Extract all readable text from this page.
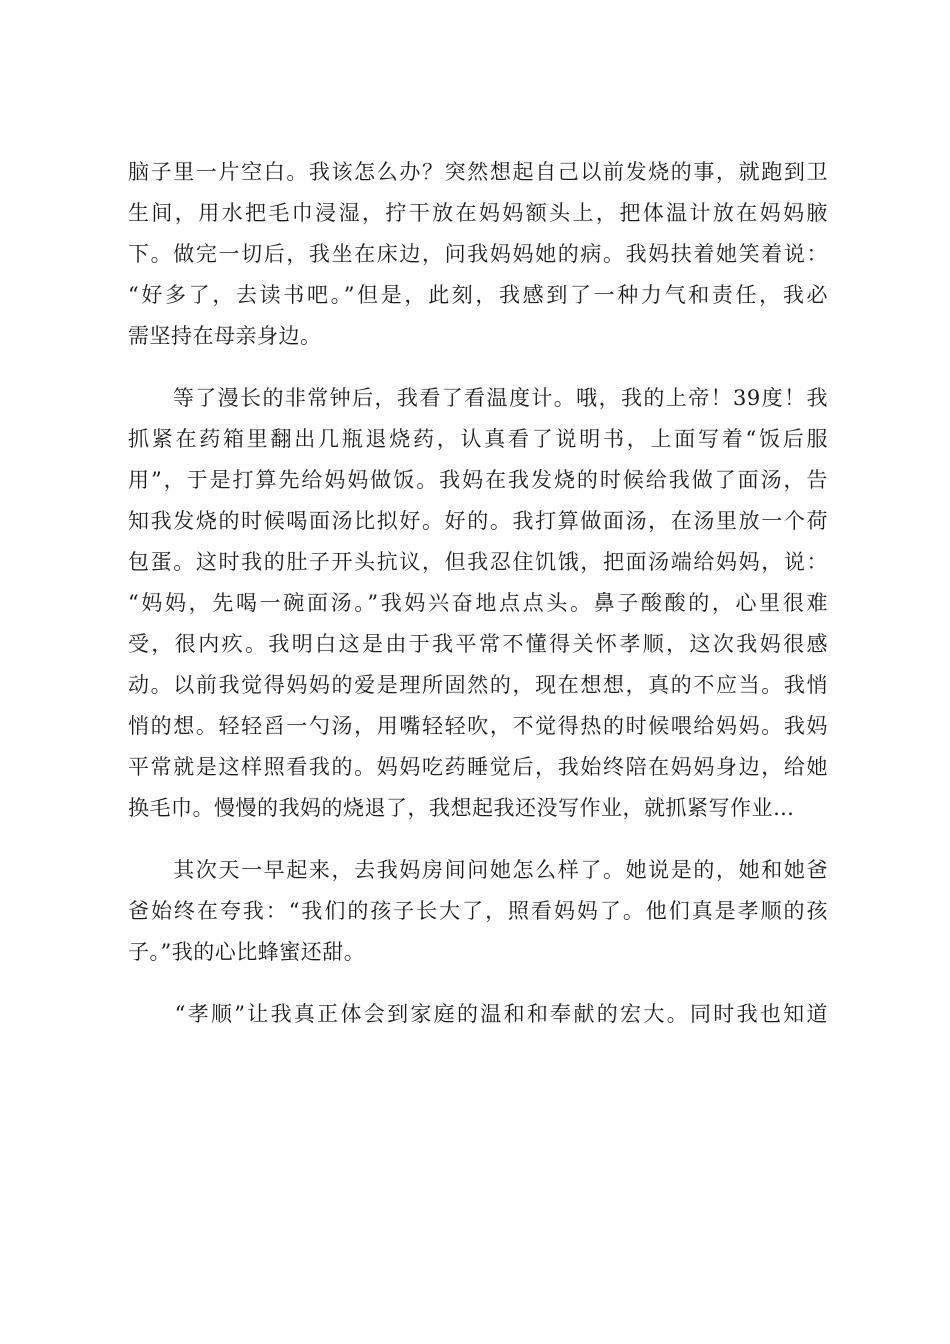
脑子里一片空白。我该怎么办？突然想起自己以前发烧的事，就跑到卫
生间，用水把毛巾浸湿，拧干放在妈妈额头上，把体温计放在妈妈腋
下。做完一切后，我坐在床边，问我妈妈她的病。我妈扶着她笑着说：
“好多了，去读书吧。”但是，此刻，我感到了一种力气和责任，我必
需坚持在母亲身边。
　　等了漫长的非常钟后，我看了看温度计。哦，我的上帝！39度！我
抓紧在药箱里翻出几瓶退烧药，认真看了说明书，上面写着“饭后服
用”，于是打算先给妈妈做饭。我妈在我发烧的时候给我做了面汤，告
知我发烧的时候喝面汤比拟好。好的。我打算做面汤，在汤里放一个荷
包蛋。这时我的肚子开头抗议，但我忍住饥饿，把面汤端给妈妈，说：
“妈妈，先喝一碗面汤。”我妈兴奋地点点头。鼻子酸酸的，心里很难
受，很内疚。我明白这是由于我平常不懂得关怀孝顺，这次我妈很感
动。以前我觉得妈妈的爱是理所固然的，现在想想，真的不应当。我悄
悄的想。轻轻舀一勺汤，用嘴轻轻吹，不觉得热的时候喂给妈妈。我妈
平常就是这样照看我的。妈妈吃药睡觉后，我始终陪在妈妈身边，给她
换毛巾。慢慢的我妈的烧退了，我想起我还没写作业，就抓紧写作业…
　　其次天一早起来，去我妈房间问她怎么样了。她说是的，她和她爸
爸始终在夸我：“我们的孩子长大了，照看妈妈了。他们真是孝顺的孩
子。”我的心比蜂蜜还甜。
　　“孝顺”让我真正体会到家庭的温和和奉献的宏大。同时我也知道
